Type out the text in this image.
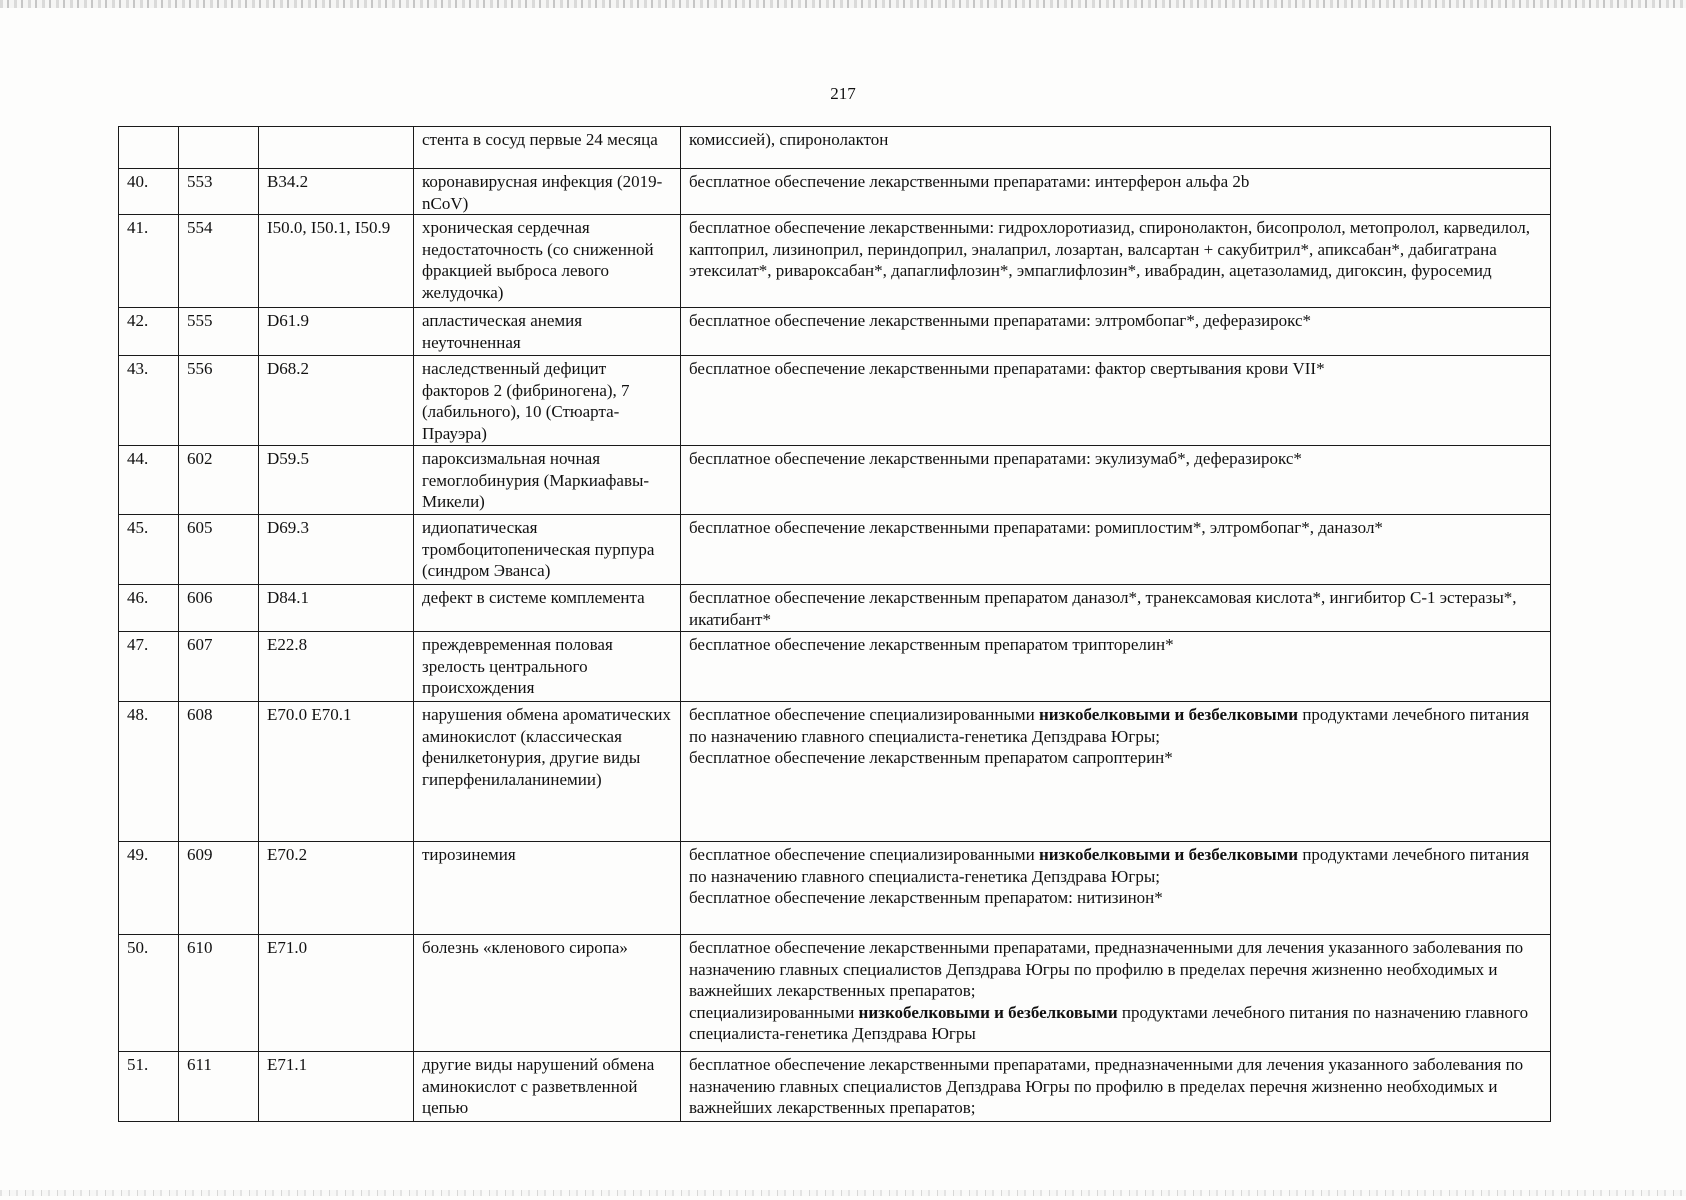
217
			стента в сосуд первые 24 месяца	комиссией), спиронолактон
40.	553	B34.2	коронавирусная инфекция (2019-nCoV)	бесплатное обеспечение лекарственными препаратами: интерферон альфа 2b
41.	554	I50.0, I50.1, I50.9	хроническая сердечная недостаточность (со сниженной фракцией выброса левого желудочка)	бесплатное обеспечение лекарственными: гидрохлоротиазид, спиронолактон, бисопролол, метопролол, карведилол, каптоприл, лизиноприл, периндоприл, эналаприл, лозартан, валсартан + сакубитрил*, апиксабан*, дабигатрана этексилат*, ривароксабан*, дапаглифлозин*, эмпаглифлозин*, ивабрадин, ацетазоламид, дигоксин, фуросемид
42.	555	D61.9	апластическая анемия неуточненная	бесплатное обеспечение лекарственными препаратами: элтромбопаг*, деферазирокс*
43.	556	D68.2	наследственный дефицит факторов 2 (фибриногена), 7 (лабильного), 10 (Стюарта-Прауэра)	бесплатное обеспечение лекарственными препаратами: фактор свертывания крови VII*
44.	602	D59.5	пароксизмальная ночная гемоглобинурия (Маркиафавы-Микели)	бесплатное обеспечение лекарственными препаратами: экулизумаб*, деферазирокс*
45.	605	D69.3	идиопатическая тромбоцитопеническая пурпура (синдром Эванса)	бесплатное обеспечение лекарственными препаратами: ромиплостим*, элтромбопаг*, даназол*
46.	606	D84.1	дефект в системе комплемента	бесплатное обеспечение лекарственным препаратом даназол*, транексамовая кислота*, ингибитор С-1 эстеразы*, икатибант*
47.	607	E22.8	преждевременная половая зрелость центрального происхождения	бесплатное обеспечение лекарственным препаратом трипторелин*
48.	608	E70.0 E70.1	нарушения обмена ароматических аминокислот (классическая фенилкетонурия, другие виды гиперфенилаланинемии)	бесплатное обеспечение специализированными низкобелковыми и безбелковыми продуктами лечебного питания по назначению главного специалиста-генетика Депздрава Югры;
бесплатное обеспечение лекарственным препаратом сапроптерин*
49.	609	E70.2	тирозинемия	бесплатное обеспечение специализированными низкобелковыми и безбелковыми продуктами лечебного питания по назначению главного специалиста-генетика Депздрава Югры;
бесплатное обеспечение лекарственным препаратом: нитизинон*
50.	610	E71.0	болезнь «кленового сиропа»	бесплатное обеспечение лекарственными препаратами, предназначенными для лечения указанного заболевания по назначению главных специалистов Депздрава Югры по профилю в пределах перечня жизненно необходимых и важнейших лекарственных препаратов;
специализированными низкобелковыми и безбелковыми продуктами лечебного питания по назначению главного специалиста-генетика Депздрава Югры
51.	611	E71.1	другие виды нарушений обмена аминокислот с разветвленной цепью	бесплатное обеспечение лекарственными препаратами, предназначенными для лечения указанного заболевания по назначению главных специалистов Депздрава Югры по профилю в пределах перечня жизненно необходимых и важнейших лекарственных препаратов;
